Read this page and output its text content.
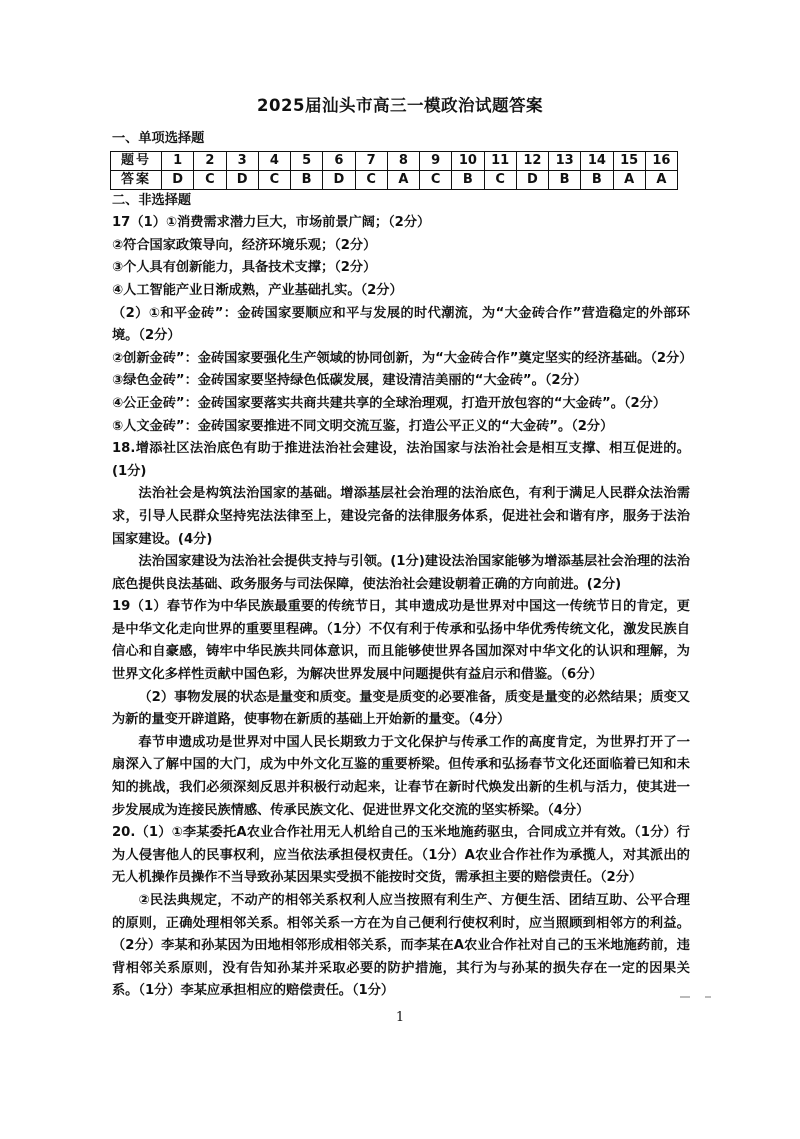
2025届汕头市高三一模政治试题答案
一、单项选择题
题号	1	2	3	4	5	6	7	8	9	10	11	12	13	14	15	16
答案	D	C	D	C	B	D	C	A	C	B	C	D	B	B	A	A
二、非选择题
17（1）①消费需求潜力巨大，市场前景广阔；（2分）
②符合国家政策导向，经济环境乐观；（2分）
③个人具有创新能力，具备技术支撑；（2分）
④人工智能产业日渐成熟，产业基础扎实。（2分）
（2）①和平金砖”：金砖国家要顺应和平与发展的时代潮流，为“大金砖合作”营造稳定的外部环境。（2分）
②创新金砖”：金砖国家要强化生产领域的协同创新，为“大金砖合作”奠定坚实的经济基础。（2分）
③绿色金砖”：金砖国家要坚持绿色低碳发展，建设清洁美丽的“大金砖”。（2分）
④公正金砖”：金砖国家要落实共商共建共享的全球治理观，打造开放包容的“大金砖”。（2分）
⑤人文金砖”：金砖国家要推进不同文明交流互鉴，打造公平正义的“大金砖”。（2分）
18.增添社区法治底色有助于推进法治社会建设，法治国家与法治社会是相互支撑、相互促进的。(1分)
法治社会是构筑法治国家的基础。增添基层社会治理的法治底色，有利于满足人民群众法治需求，引导人民群众坚持宪法法律至上，建设完备的法律服务体系，促进社会和谐有序，服务于法治国家建设。(4分)
法治国家建设为法治社会提供支持与引领。(1分)建设法治国家能够为增添基层社会治理的法治底色提供良法基础、政务服务与司法保障，使法治社会建设朝着正确的方向前进。(2分)
19（1）春节作为中华民族最重要的传统节日，其申遗成功是世界对中国这一传统节日的肯定，更是中华文化走向世界的重要里程碑。（1分）不仅有利于传承和弘扬中华优秀传统文化，激发民族自信心和自豪感，铸牢中华民族共同体意识，而且能够使世界各国加深对中华文化的认识和理解，为世界文化多样性贡献中国色彩，为解决世界发展中问题提供有益启示和借鉴。（6分）
（2）事物发展的状态是量变和质变。量变是质变的必要准备，质变是量变的必然结果；质变又为新的量变开辟道路，使事物在新质的基础上开始新的量变。（4分）
春节申遗成功是世界对中国人民长期致力于文化保护与传承工作的高度肯定，为世界打开了一扇深入了解中国的大门，成为中外文化互鉴的重要桥梁。但传承和弘扬春节文化还面临着已知和未知的挑战，我们必须深刻反思并积极行动起来，让春节在新时代焕发出新的生机与活力，使其进一步发展成为连接民族情感、传承民族文化、促进世界文化交流的坚实桥梁。（4分）
20.（1）①李某委托A农业合作社用无人机给自己的玉米地施药驱虫，合同成立并有效。（1分）行为人侵害他人的民事权利，应当依法承担侵权责任。（1分）A农业合作社作为承揽人，对其派出的无人机操作员操作不当导致孙某因果实受损不能按时交货，需承担主要的赔偿责任。（2分）
②民法典规定，不动产的相邻关系权利人应当按照有利生产、方便生活、团结互助、公平合理的原则，正确处理相邻关系。相邻关系一方在为自己便利行使权利时，应当照顾到相邻方的利益。（2分）李某和孙某因为田地相邻形成相邻关系，而李某在A农业合作社对自己的玉米地施药前，违背相邻关系原则，没有告知孙某并采取必要的防护措施，其行为与孙某的损失存在一定的因果关系。（1分）李某应承担相应的赔偿责任。（1分）
1
